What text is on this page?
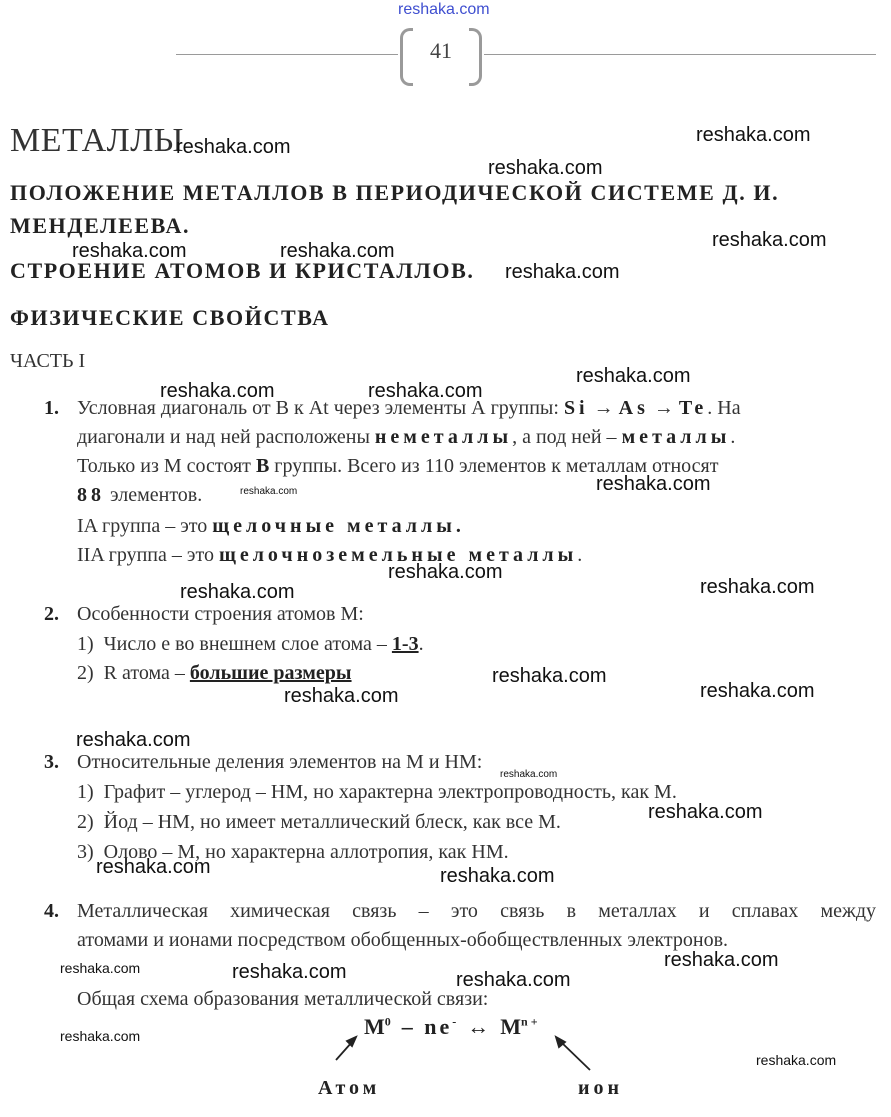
reshaka.com
41
МЕТАЛЛЫ
ПОЛОЖЕНИЕ МЕТАЛЛОВ В ПЕРИОДИЧЕСКОЙ СИСТЕМЕ Д. И.
МЕНДЕЛЕЕВА.
СТРОЕНИЕ АТОМОВ И КРИСТАЛЛОВ.
ФИЗИЧЕСКИЕ СВОЙСТВА
ЧАСТЬ I
1. Условная диагональ от В к At через элементы А группы: Si → As → Te. На
диагонали и над ней расположены неметаллы, а под ней – металлы.
Только из М состоят В группы. Всего из 110 элементов к металлам относят
88 элементов.
IA группа – это щелочные металлы.
IIA группа – это щелочноземельные металлы.
2. Особенности строения атомов М:
1) Число е во внешнем слое атома – 1-3.
2) R атома – большие размеры
3. Относительные деления элементов на М и НМ:
1) Графит – углерод – НМ, но характерна электропроводность, как М.
2) Йод – НМ, но имеет металлический блеск, как все М.
3) Олово – М, но характерна аллотропия, как НМ.
4. Металлическая химическая связь – это связь в металлах и сплавах между
атомами и ионами посредством обобщенных-обобществленных электронов.
Общая схема образования металлической связи:
$M^0 - ne^-$ ↔ $M^{n +}$
Атом	ион
reshaka.com
reshaka.com
reshaka.com
reshaka.com	reshaka.com	reshaka.com
reshaka.com
reshaka.com	reshaka.com
reshaka.com
reshaka.com	reshaka.com
reshaka.com
reshaka.com
reshaka.com
reshaka.com
reshaka.com	reshaka.com
reshaka.com
reshaka.com
reshaka.com
reshaka.com	reshaka.com
reshaka.com	reshaka.com	reshaka.com
reshaka.com
reshaka.com
reshaka.com
